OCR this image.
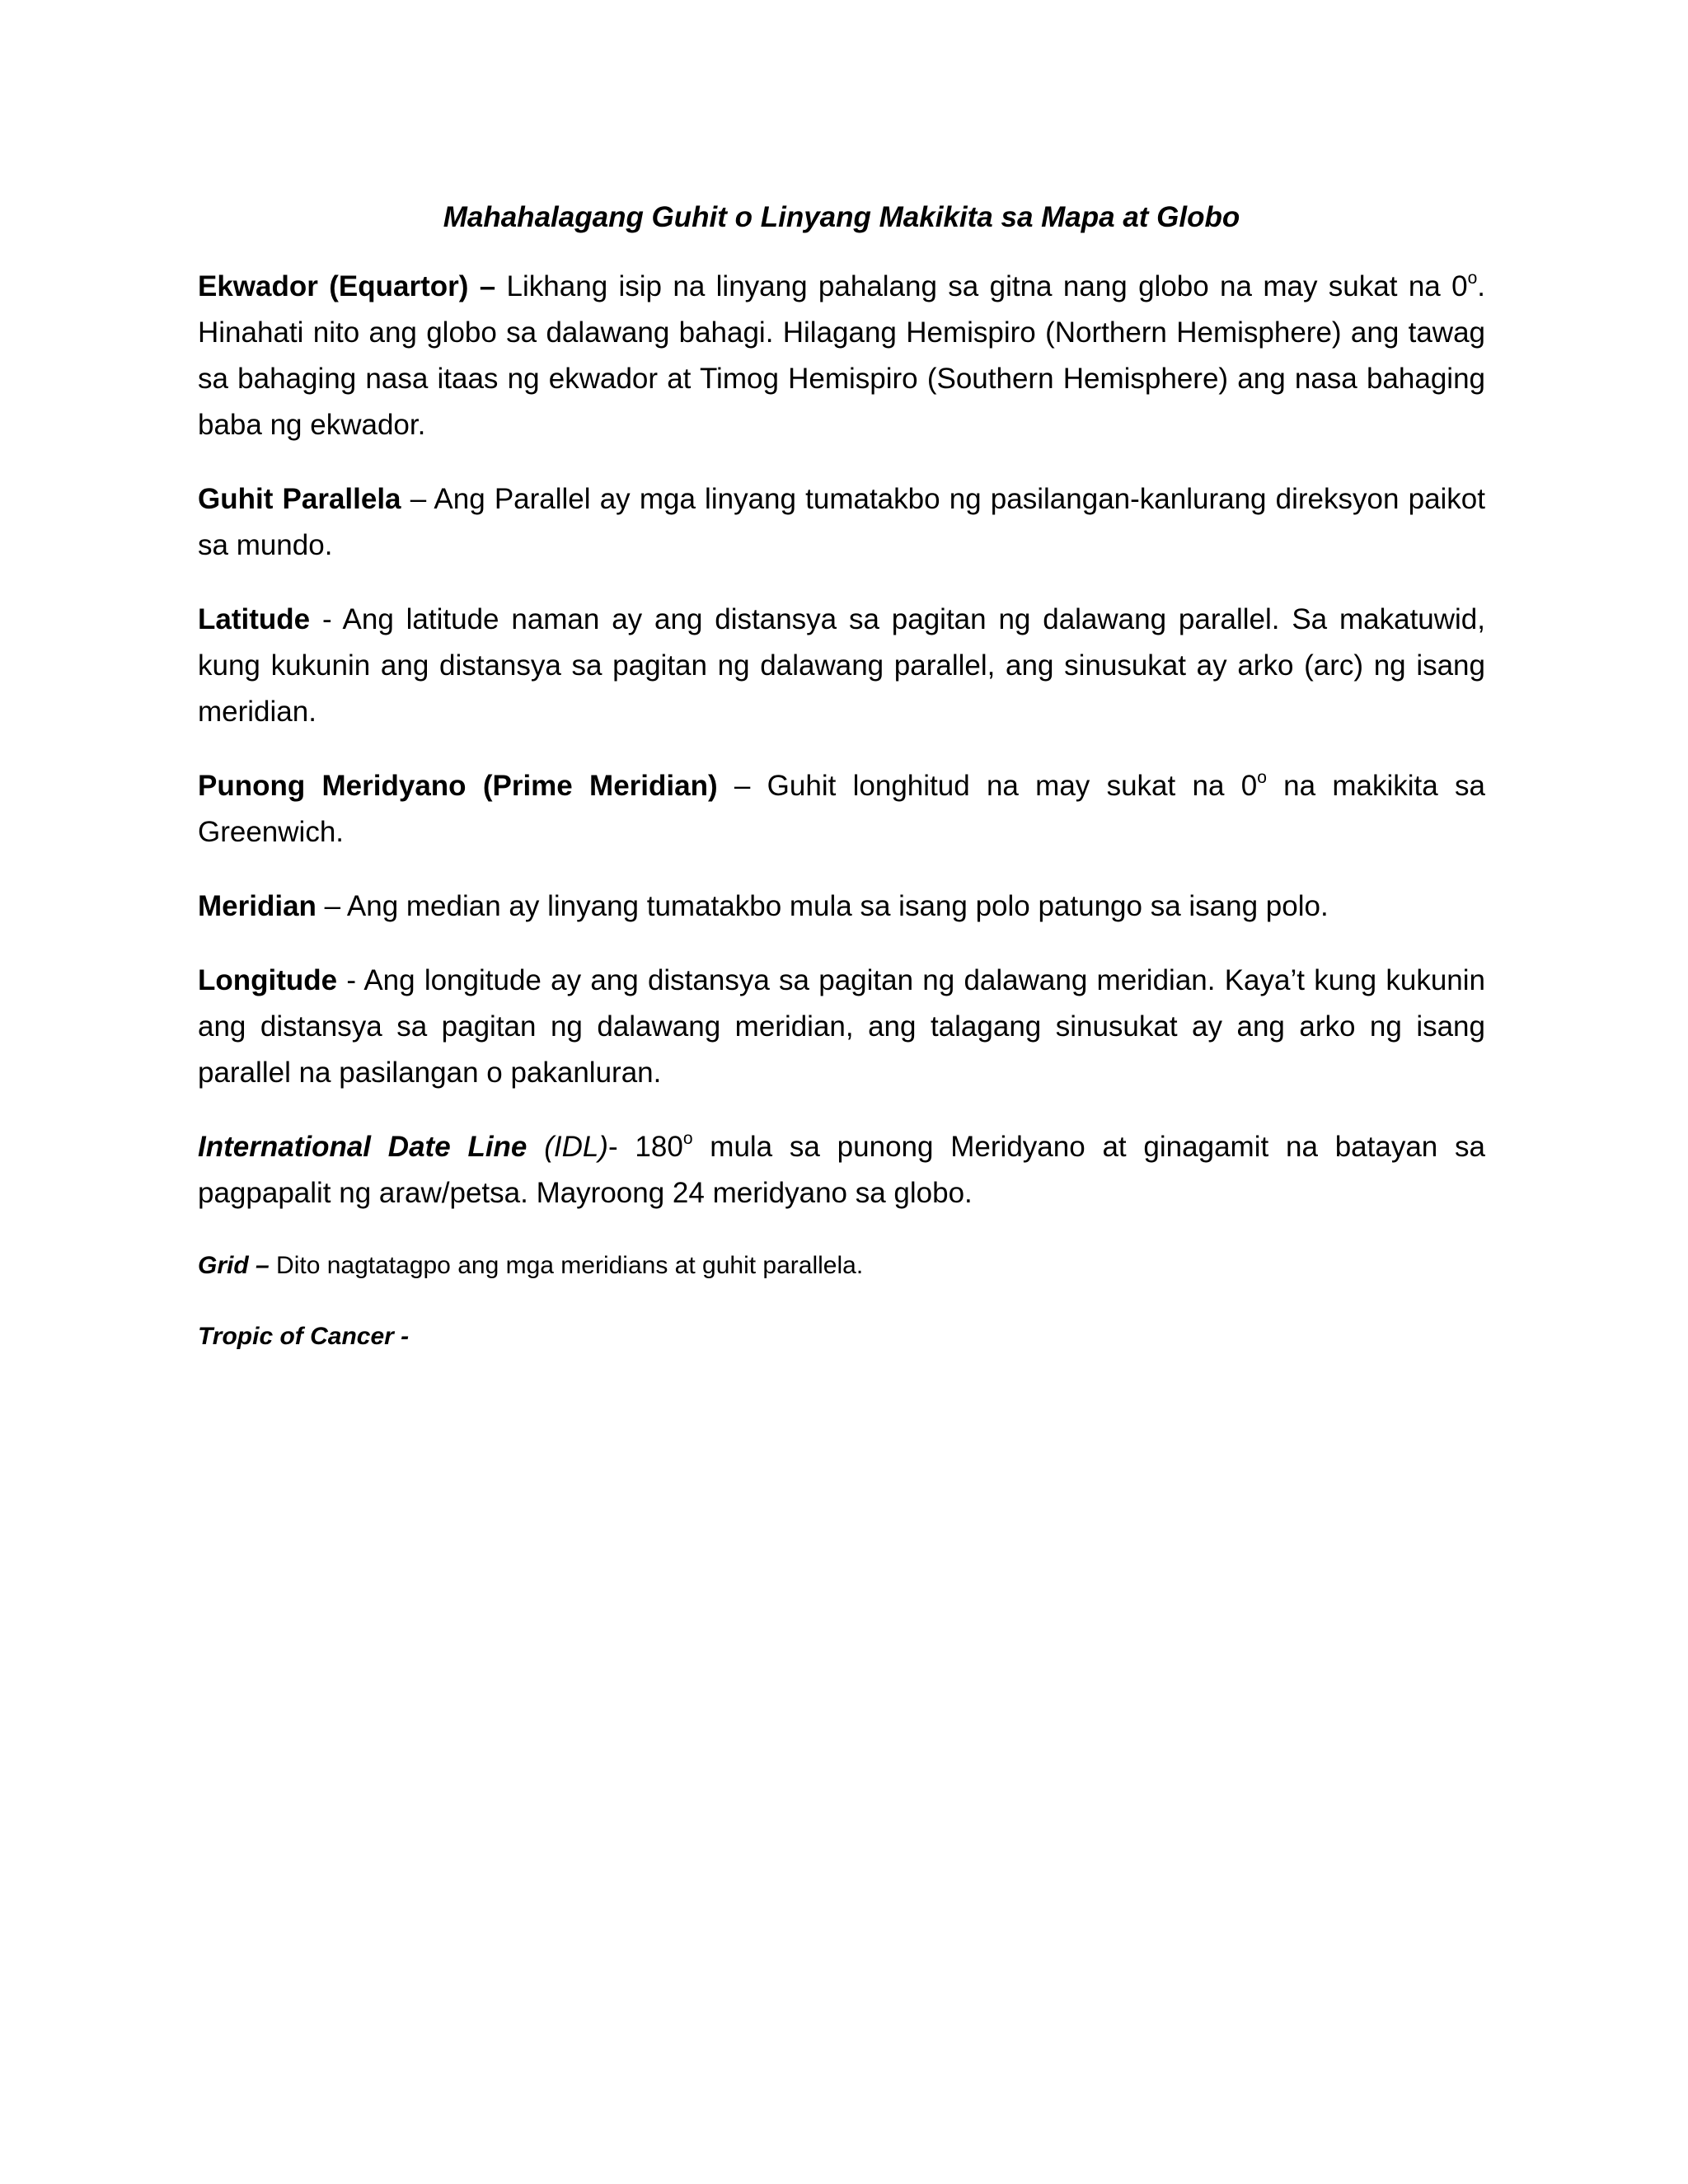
Mahahalagang Guhit o Linyang Makikita sa Mapa at Globo

Ekwador (Equartor) – Likhang isip na linyang pahalang sa gitna nang globo na may sukat na 0$^o$. Hinahati nito ang globo sa dalawang bahagi. Hilagang Hemispiro (Northern Hemisphere) ang tawag sa bahaging nasa itaas ng ekwador at Timog Hemispiro (Southern Hemisphere) ang nasa bahaging baba ng ekwador.

Guhit Parallela – Ang Parallel ay mga linyang tumatakbo ng pasilangan-kanlurang direksyon paikot sa mundo.

Latitude - Ang latitude naman ay ang distansya sa pagitan ng dalawang parallel. Sa makatuwid, kung kukunin ang distansya sa pagitan ng dalawang parallel, ang sinusukat ay arko (arc) ng isang meridian.

Punong Meridyano (Prime Meridian) – Guhit longhitud na may sukat na 0$^o$ na makikita sa Greenwich.

Meridian – Ang median ay linyang tumatakbo mula sa isang polo patungo sa isang polo.

Longitude - Ang longitude ay ang distansya sa pagitan ng dalawang meridian. Kaya’t kung kukunin ang distansya sa pagitan ng dalawang meridian, ang talagang sinusukat ay ang arko ng isang parallel na pasilangan o pakanluran.

International Date Line (IDL)- 180$^o$ mula sa punong Meridyano at ginagamit na batayan sa pagpapalit ng araw/petsa. Mayroong 24 meridyano sa globo.

Grid – Dito nagtatagpo ang mga meridians at guhit parallela.

Tropic of Cancer -
